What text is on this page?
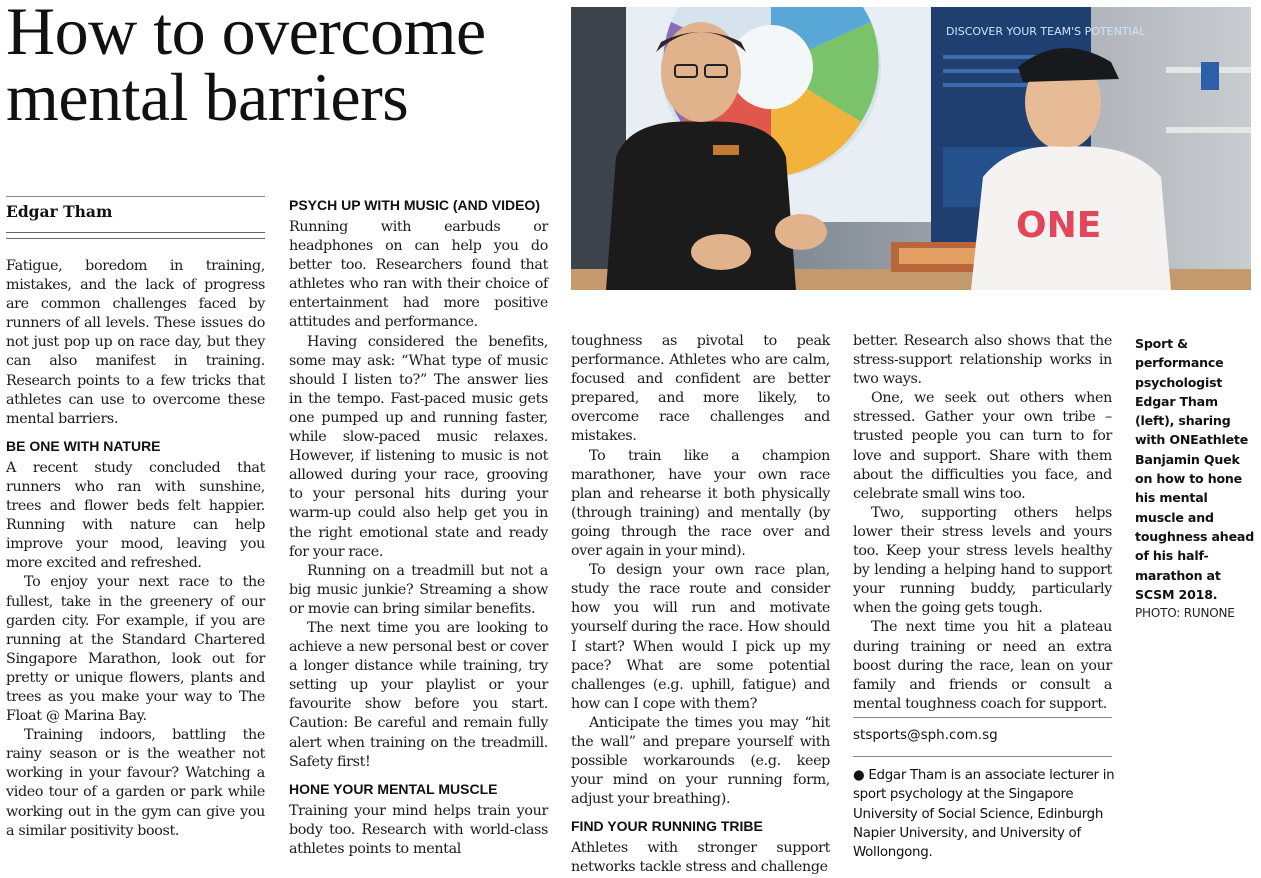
How to overcome
mental barriers
DISCOVER YOUR TEAM'S POTENTIAL
ONE
Edgar Tham

Fatigue, boredom in training, mistakes, and the lack of progress are common challenges faced by runners of all levels. These issues do not just pop up on race day, but they can also manifest in training. Research points to a few tricks that athletes can use to overcome these mental barriers.

BE ONE WITH NATURE

A recent study concluded that runners who ran with sunshine, trees and flower beds felt happier. Running with nature can help improve your mood, leaving you more excited and refreshed.

To enjoy your next race to the fullest, take in the greenery of our garden city. For example, if you are running at the Standard Chartered Singapore Marathon, look out for pretty or unique flowers, plants and trees as you make your way to The Float @ Marina Bay.

Training indoors, battling the rainy season or is the weather not working in your favour? Watching a video tour of a garden or park while working out in the gym can give you a similar positivity boost.

PSYCH UP WITH MUSIC (AND VIDEO)

Running with earbuds or headphones on can help you do better too. Researchers found that athletes who ran with their choice of entertainment had more positive attitudes and performance.

Having considered the benefits, some may ask: “What type of music should I listen to?” The answer lies in the tempo. Fast-paced music gets one pumped up and running faster, while slow-paced music relaxes. However, if listening to music is not allowed during your race, grooving to your personal hits during your warm-up could also help get you in the right emotional state and ready for your race.

Running on a treadmill but not a big music junkie? Streaming a show or movie can bring similar benefits.

The next time you are looking to achieve a new personal best or cover a longer distance while training, try setting up your playlist or your favourite show before you start. Caution: Be careful and remain fully alert when training on the treadmill. Safety first!

HONE YOUR MENTAL MUSCLE

Training your mind helps train your body too. Research with world-class athletes points to mental

toughness as pivotal to peak performance. Athletes who are calm, focused and confident are better prepared, and more likely, to overcome race challenges and mistakes.

To train like a champion marathoner, have your own race plan and rehearse it both physically (through training) and mentally (by going through the race over and over again in your mind).

To design your own race plan, study the race route and consider how you will run and motivate yourself during the race. How should I start? When would I pick up my pace? What are some potential challenges (e.g. uphill, fatigue) and how can I cope with them?

Anticipate the times you may “hit the wall” and prepare yourself with possible workarounds (e.g. keep your mind on your running form, adjust your breathing).

FIND YOUR RUNNING TRIBE

Athletes with stronger support networks tackle stress and challenge

better. Research also shows that the stress-support relationship works in two ways.

One, we seek out others when stressed. Gather your own tribe – trusted people you can turn to for love and support. Share with them about the difficulties you face, and celebrate small wins too.

Two, supporting others helps lower their stress levels and yours too. Keep your stress levels healthy by lending a helping hand to support your running buddy, particularly when the going gets tough.

The next time you hit a plateau during training or need an extra boost during the race, lean on your family and friends or consult a mental toughness coach for support.

stsports@sph.com.sg
● Edgar Tham is an associate lecturer in sport psychology at the Singapore University of Social Science, Edinburgh Napier University, and University of Wollongong.
Sport & performance psychologist Edgar Tham (left), sharing with ONEathlete Banjamin Quek on how to hone his mental muscle and toughness ahead of his half-marathon at SCSM 2018.
PHOTO: RUNONE
